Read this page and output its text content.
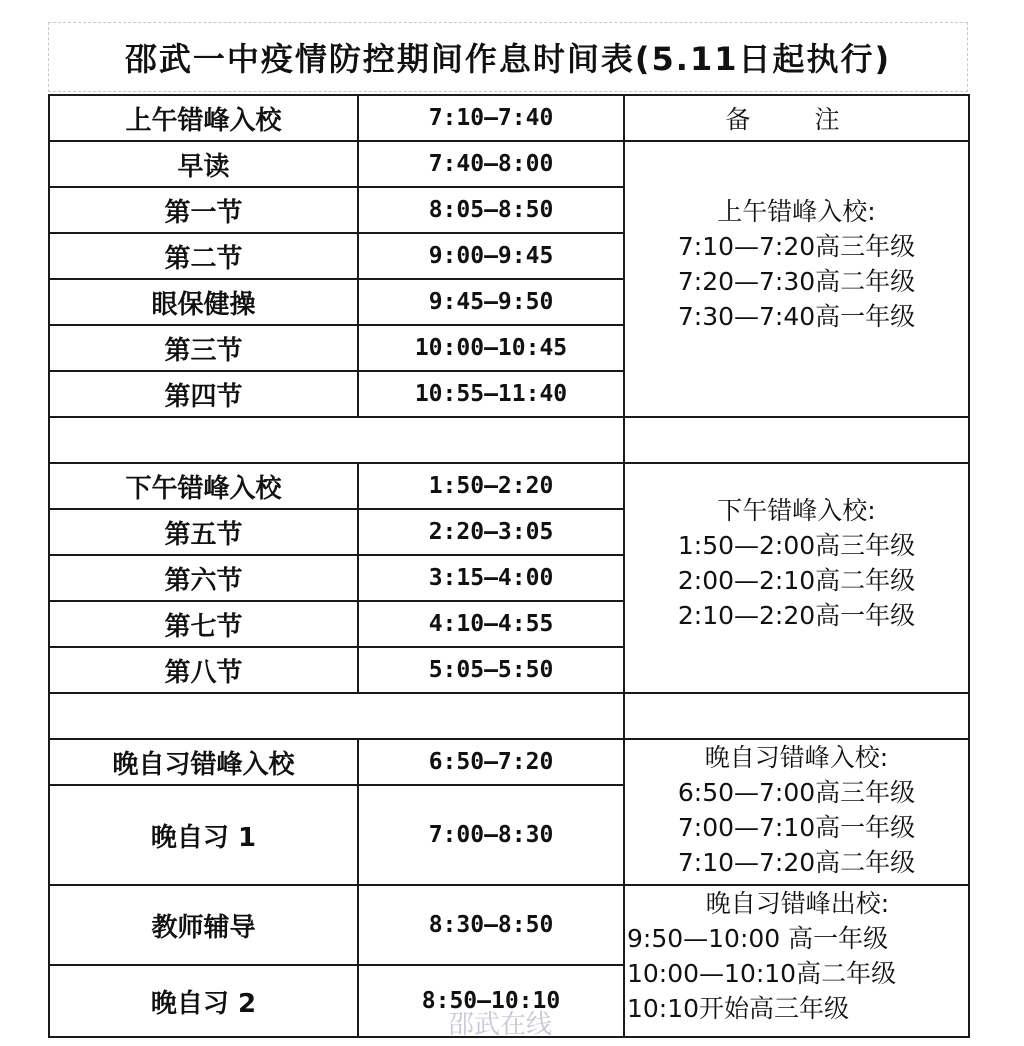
邵武一中疫情防控期间作息时间表(5.11日起执行)
上午错峰入校	7:10—7:40	备 注
早读	7:40—8:00	上午错峰入校:
7:10—7:20高三年级
7:20—7:30高二年级
7:30—7:40高一年级

第一节	8:05—8:50	
第二节	9:00—9:45	
眼保健操	9:45—9:50	
第三节	10:00—10:45	
第四节	10:55—11:40	

下午错峰入校	1:50—2:20	下午错峰入校:
1:50—2:00高三年级
2:00—2:10高二年级
2:10—2:20高一年级

第五节	2:20—3:05	
第六节	3:15—4:00	
第七节	4:10—4:55	
第八节	5:05—5:50	

晚自习错峰入校	6:50—7:20	晚自习错峰入校:
6:50—7:00高三年级
7:00—7:10高一年级
7:10—7:20高二年级

晚自习 1	7:00—8:30	
教师辅导	8:30—8:50	晚自习错峰出校:
9:50—10:00 高一年级
10:00—10:10高二年级
10:10开始高三年级

晚自习 2	8:50—10:10	
邵武在线
